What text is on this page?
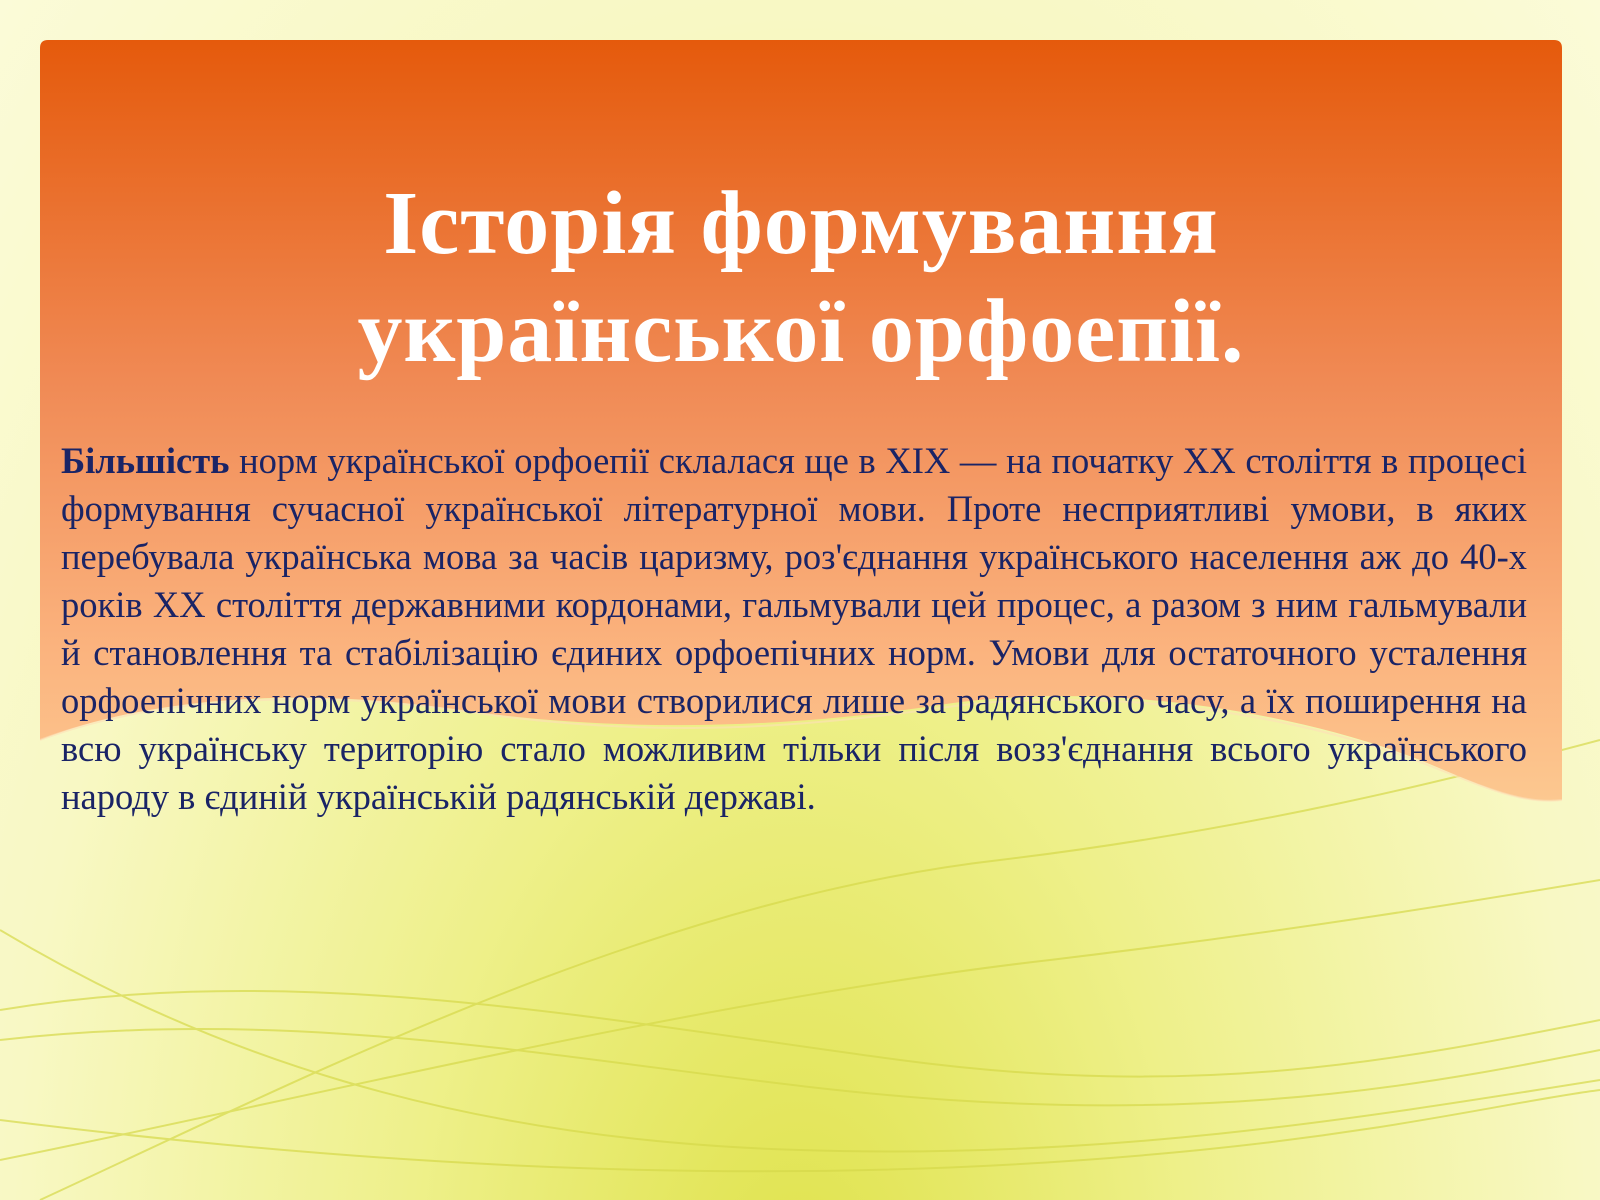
Історія формування
української орфоепії.

Більшість норм української орфоепії склалася ще в XIX — на початку XX століття в процесі формування сучасної української літературної мови. Проте несприятливі умови, в яких перебувала українська мова за часів царизму, роз'єднання українського населення аж до 40-х років XX століття державними кордонами, гальмували цей процес, а разом з ним гальмували й становлення та стабілізацію єдиних орфоепічних норм. Умови для остаточного усталення орфоепічних норм української мови створилися лише за радянського часу, а їх поширення на всю українську територію стало можливим тільки після возз'єднання всього українського народу в єдиній українській радянській державі.
